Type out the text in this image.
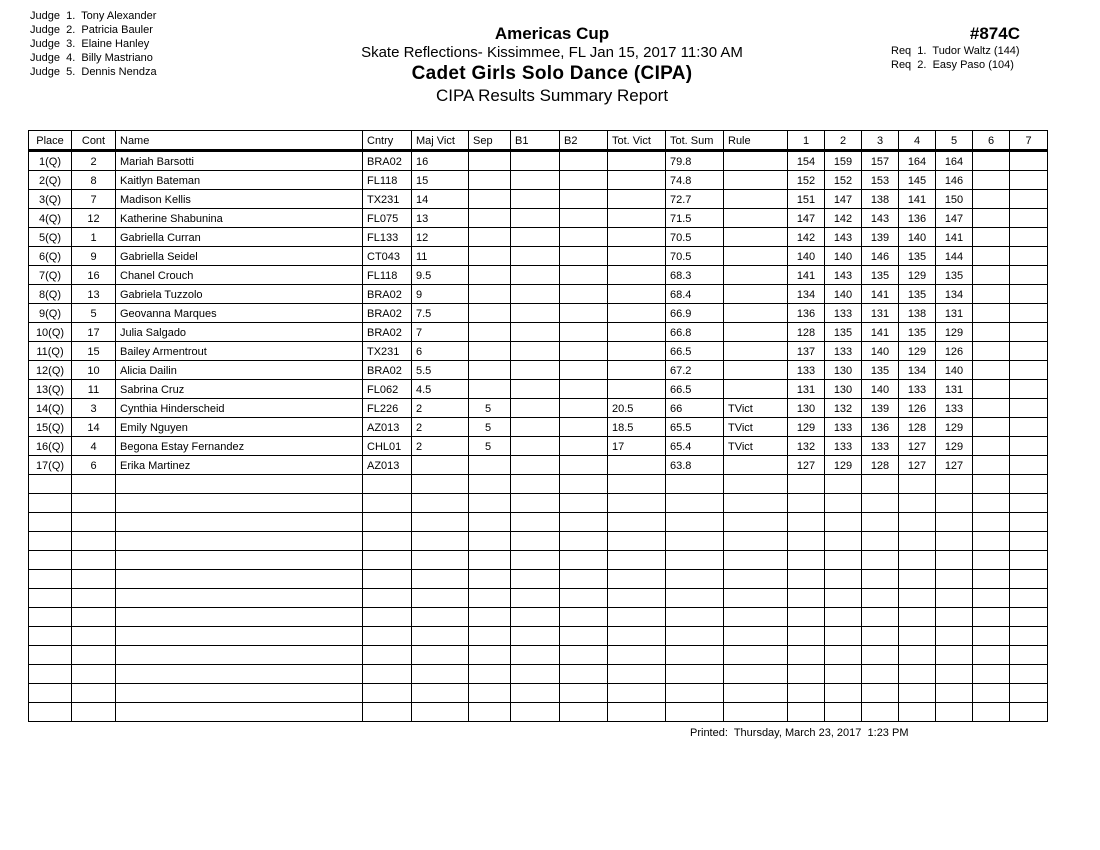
Judge  1.  Tony Alexander
Judge  2.  Patricia Bauler
Judge  3.  Elaine Hanley
Judge  4.  Billy Mastriano
Judge  5.  Dennis Nendza
Americas Cup
Skate Reflections- Kissimmee, FL Jan 15, 2017 11:30 AM
Cadet Girls Solo Dance (CIPA)
CIPA Results Summary Report
#874C
Req  1.  Tudor Waltz (144)
Req  2.  Easy Paso (104)
Place	Cont	Name	Cntry	Maj Vict	Sep	B1	B2	Tot. Vict	Tot. Sum	Rule	1	2	3	4	5	6	7
1(Q)	2	Mariah Barsotti	BRA02	16					79.8		154	159	157	164	164		
2(Q)	8	Kaitlyn Bateman	FL118	15					74.8		152	152	153	145	146		
3(Q)	7	Madison Kellis	TX231	14					72.7		151	147	138	141	150		
4(Q)	12	Katherine Shabunina	FL075	13					71.5		147	142	143	136	147		
5(Q)	1	Gabriella Curran	FL133	12					70.5		142	143	139	140	141		
6(Q)	9	Gabriella Seidel	CT043	11					70.5		140	140	146	135	144		
7(Q)	16	Chanel Crouch	FL118	9.5					68.3		141	143	135	129	135		
8(Q)	13	Gabriela Tuzzolo	BRA02	9					68.4		134	140	141	135	134		
9(Q)	5	Geovanna Marques	BRA02	7.5					66.9		136	133	131	138	131		
10(Q)	17	Julia Salgado	BRA02	7					66.8		128	135	141	135	129		
11(Q)	15	Bailey Armentrout	TX231	6					66.5		137	133	140	129	126		
12(Q)	10	Alicia Dailin	BRA02	5.5					67.2		133	130	135	134	140		
13(Q)	11	Sabrina Cruz	FL062	4.5					66.5		131	130	140	133	131		
14(Q)	3	Cynthia Hinderscheid	FL226	2	5			20.5	66	TVict	130	132	139	126	133		
15(Q)	14	Emily Nguyen	AZ013	2	5			18.5	65.5	TVict	129	133	136	128	129		
16(Q)	4	Begona Estay Fernandez	CHL01	2	5			17	65.4	TVict	132	133	133	127	129		
17(Q)	6	Erika Martinez	AZ013						63.8		127	129	128	127	127		

Printed:  Thursday, March 23, 2017  1:23 PM
